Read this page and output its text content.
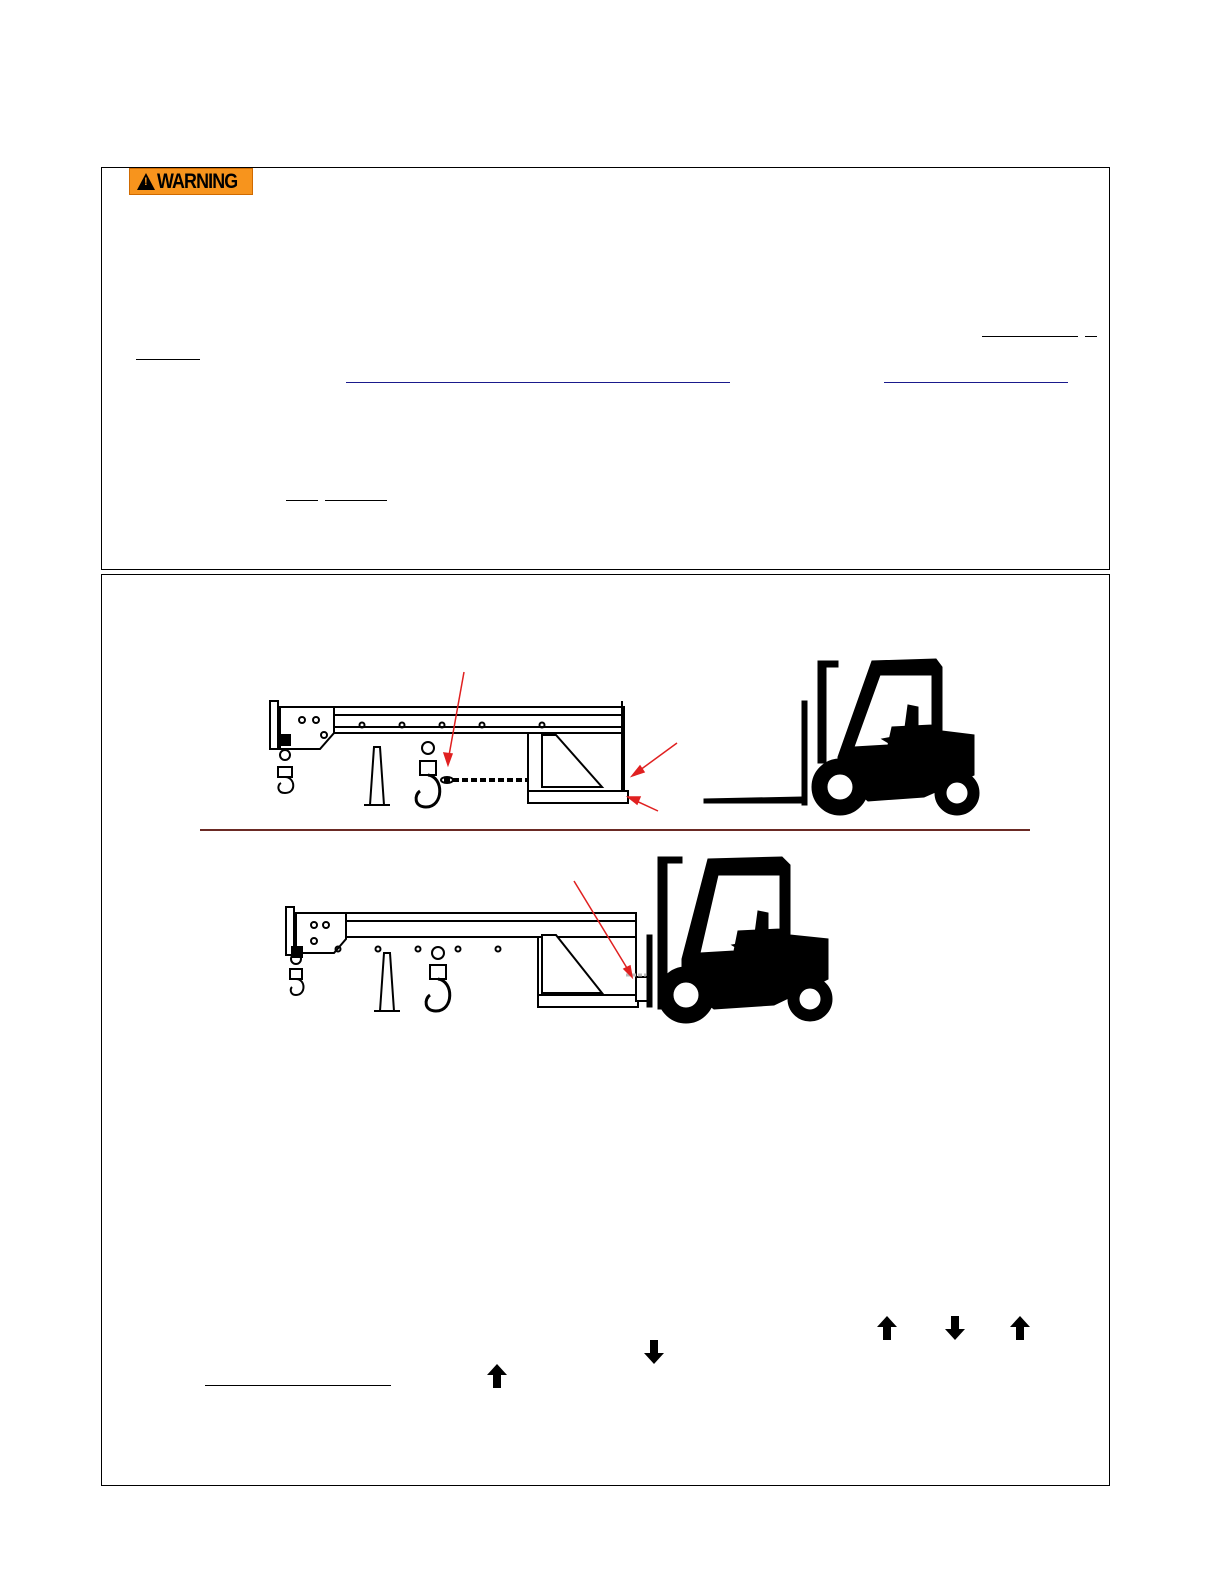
!
WARNING
